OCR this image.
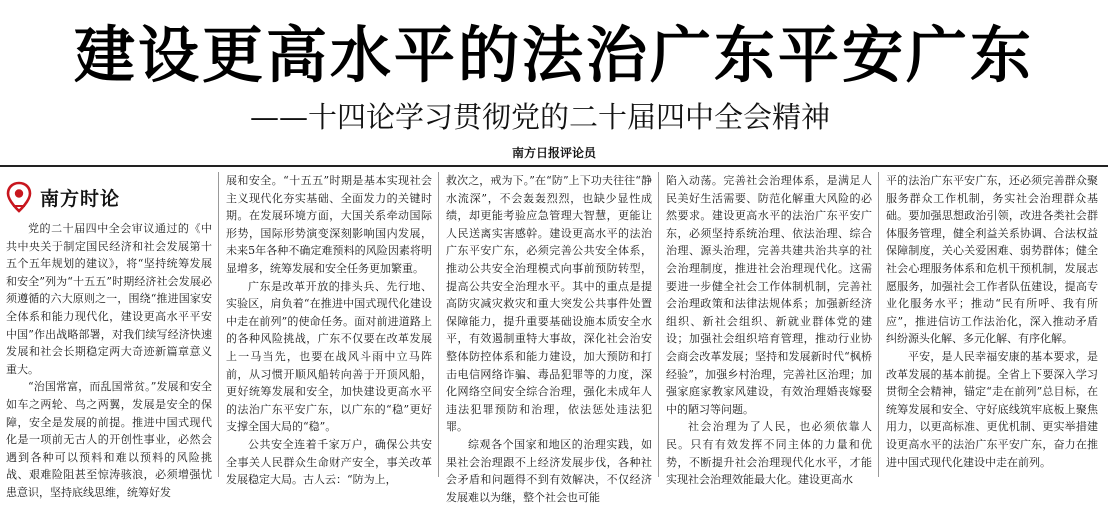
建设更高水平的法治广东平安广东
——十四论学习贯彻党的二十届四中全会精神
南方日报评论员
南方时论

党的二十届四中全会审议通过的《中共中央关于制定国民经济和社会发展第十五个五年规划的建议》，将“坚持统筹发展和安全”列为“十五五”时期经济社会发展必须遵循的六大原则之一，围绕“推进国家安全体系和能力现代化，建设更高水平平安中国”作出战略部署，对我们续写经济快速发展和社会长期稳定两大奇迹新篇章意义重大。

“治国常富，而乱国常贫。”发展和安全如车之两轮、鸟之两翼，发展是安全的保障，安全是发展的前提。推进中国式现代化是一项前无古人的开创性事业，必然会遇到各种可以预料和难以预料的风险挑战、艰难险阻甚至惊涛骇浪，必须增强忧患意识，坚持底线思维，统筹好发

展和安全。“十五五”时期是基本实现社会主义现代化夯实基础、全面发力的关键时期。在发展环境方面，大国关系牵动国际形势，国际形势演变深刻影响国内发展，未来5年各种不确定难预料的风险因素将明显增多，统筹发展和安全任务更加繁重。

广东是改革开放的排头兵、先行地、实验区，肩负着“在推进中国式现代化建设中走在前列”的使命任务。面对前进道路上的各种风险挑战，广东不仅要在改革发展上一马当先，也要在战风斗雨中立马阵前，从习惯开顺风船转向善于开顶风船，更好统筹发展和安全，加快建设更高水平的法治广东平安广东，以广东的“稳”更好支撑全国大局的“稳”。

公共安全连着千家万户，确保公共安全事关人民群众生命财产安全，事关改革发展稳定大局。古人云：“防为上，

救次之，戒为下。”在“防”上下功夫往往“静水流深”，不会轰轰烈烈，也缺少显性成绩，却更能考验应急管理大智慧，更能让人民送离实害感幹。建设更高水平的法治广东平安广东，必须完善公共安全体系，推动公共安全治理模式向事前预防转型，提高公共安全治理水平。其中的重点是提高防灾减灾救灾和重大突发公共事件处置保障能力，提升重要基础设施本质安全水平，有效遏制重特大事故，深化社会治安整体防控体系和能力建设，加大预防和打击电信网络诈骗、毒品犯罪等的力度，深化网络空间安全综合治理，强化未成年人违法犯罪预防和治理，依法惩处违法犯罪。

综观各个国家和地区的治理实践，如果社会治理跟不上经济发展步伐，各种社会矛盾和问题得不到有效解决，不仅经济发展难以为继，整个社会也可能

陷入动荡。完善社会治理体系，是满足人民美好生活需要、防范化解重大风险的必然要求。建设更高水平的法治广东平安广东，必须坚持系统治理、依法治理、综合治理、源头治理，完善共建共治共享的社会治理制度，推进社会治理现代化。这需要进一步健全社会工作体制机制，完善社会治理政策和法律法规体系；加强新经济组织、新社会组织、新就业群体党的建设；加强社会组织培育管理，推动行业协会商会改革发展；坚持和发展新时代“枫桥经验”，加强乡村治理，完善社区治理；加强家庭家教家风建设，有效治理婚丧嫁娶中的陋习等问题。

社会治理为了人民，也必须依靠人民。只有有效发挥不同主体的力量和优势，不断提升社会治理现代化水平，才能实现社会治理效能最大化。建设更高水

平的法治广东平安广东，还必须完善群众聚服务群众工作机制，务实社会治理群众基础。要加强思想政治引领，改进各类社会群体服务管理，健全利益关系协调、合法权益保障制度，关心关爱困难、弱势群体；健全社会心理服务体系和危机干预机制，发展志愿服务，加强社会工作者队伍建设，提高专业化服务水平；推动“民有所呼、我有所应”，推进信访工作法治化，深入推动矛盾纠纷源头化解、多元化解、有序化解。

平安，是人民幸福安康的基本要求，是改革发展的基本前提。全省上下要深入学习贯彻全会精神，锚定“走在前列”总目标，在统筹发展和安全、守好底线筑牢底板上聚焦用力，以更高标准、更优机制、更实举措建设更高水平的法治广东平安广东，奋力在推进中国式现代化建设中走在前列。
